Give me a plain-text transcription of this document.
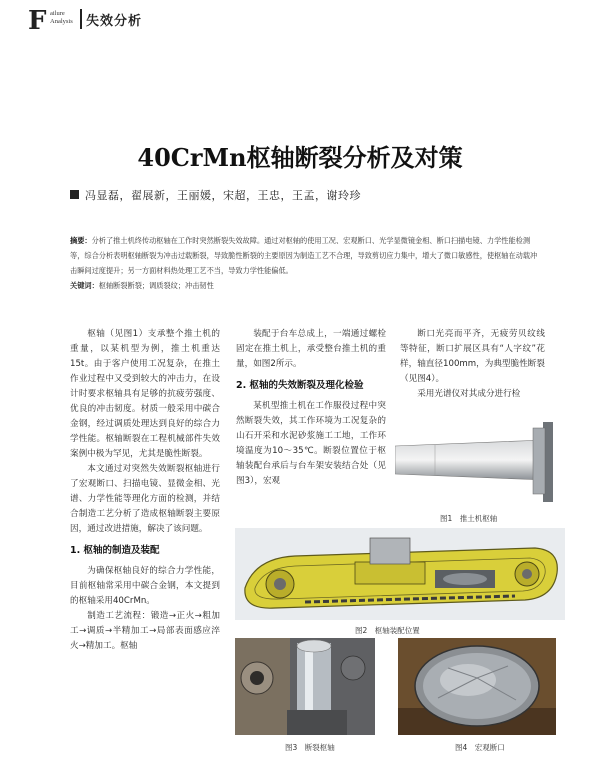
F ailure
Analysis 失效分析
40CrMn枢轴断裂分析及对策
冯显磊，翟展新，王丽媛，宋超，王忠，王孟，谢玲珍
摘要：分析了推土机终传动枢轴在工作时突然断裂失效故障。通过对枢轴的使用工况、宏观断口、光学显微镜金相、断口扫描电镜、力学性能检测等，综合分析表明枢轴断裂为冲击过载断裂，导致脆性断裂的主要原因为制造工艺不合理，导致剪切应力集中，增大了微口敏感性，使枢轴在动载冲击瞬间过度提升；另一方面材料热处理工艺不当，导致力学性能偏低。
关键词：枢轴断裂断裂；调质裂纹；冲击韧性

枢轴（见图1）支承整个推土机的重量，以某机型为例，推土机重达15t。由于客户使用工况复杂，在推土作业过程中又受到较大的冲击力，在设计时要求枢轴具有足够的抗疲劳强度、优良的冲击韧度。材质一般采用中碳合金钢，经过调质处理达到良好的综合力学性能。枢轴断裂在工程机械部件失效案例中极为罕见，尤其是脆性断裂。

本文通过对突然失效断裂枢轴进行了宏观断口、扫描电镜、显微金相、光谱、力学性能等理化方面的检测，并结合制造工艺分析了造成枢轴断裂主要原因，通过改进措施，解决了该问题。

1. 枢轴的制造及装配

为确保枢轴良好的综合力学性能，目前枢轴常采用中碳合金钢，本文提到的枢轴采用40CrMn。

制造工艺流程：锻造→正火→粗加工→调质→半精加工→局部表面感应淬火→精加工。枢轴

装配于台车总成上，一端通过螺栓固定在推土机上，承受整台推土机的重量，如图2所示。

2. 枢轴的失效断裂及理化检验

某机型推土机在工作服役过程中突然断裂失效，其工作环境为工况复杂的山石开采和水泥砂浆施工工地，工作环境温度为10～35℃。断裂位置位于枢轴装配台承后与台车架安装结合处（见图3），宏观

断口光亮而平齐，无疲劳贝纹线等特征，断口扩展区具有“人字纹”花样，轴直径100mm，为典型脆性断裂（见图4）。

采用光谱仪对其成分进行检

图1　推土机枢轴
图2　枢轴装配位置
图3　断裂枢轴	图4　宏观断口
